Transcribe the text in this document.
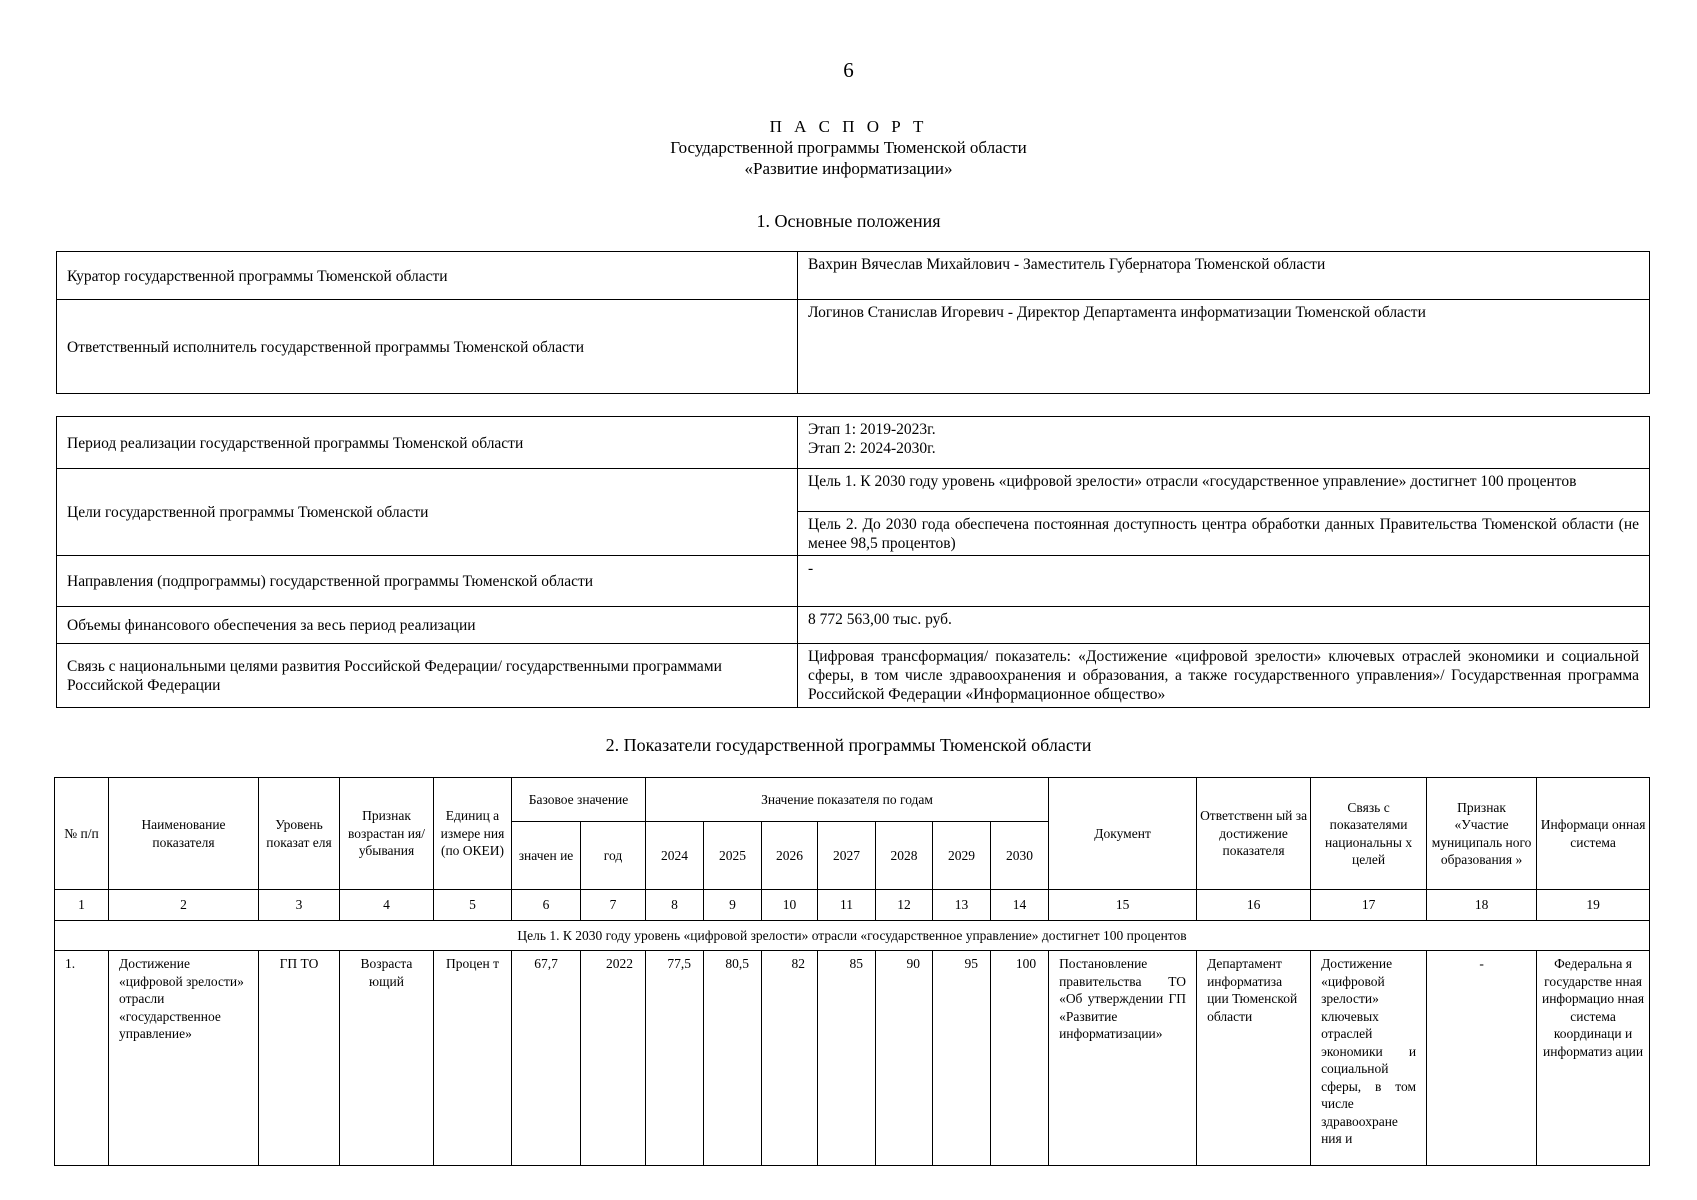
6
П А С П О Р Т
Государственной программы Тюменской области
«Развитие информатизации»
1. Основные положения
Куратор государственной программы Тюменской области	Вахрин Вячеслав Михайлович - Заместитель Губернатора Тюменской области
Ответственный исполнитель государственной программы Тюменской области	Логинов Станислав Игоревич - Директор Департамента информатизации Тюменской области
Период реализации государственной программы Тюменской области	Этап 1: 2019-2023г.
Этап 2: 2024-2030г.

Цели государственной программы Тюменской области	Цель 1. К 2030 году уровень «цифровой зрелости» отрасли «государственное управление» достигнет 100 процентов
	Цель 2. До 2030 года обеспечена постоянная доступность центра обработки данных Правительства Тюменской области (не менее 98,5 процентов)
Направления (подпрограммы) государственной программы Тюменской области	-
Объемы финансового обеспечения за весь период реализации	8 772 563,00 тыс. руб.
Связь с национальными целями развития Российской Федерации/ государственными программами Российской Федерации	Цифровая трансформация/ показатель: «Достижение «цифровой зрелости» ключевых отраслей экономики и социальной сферы, в том числе здравоохранения и образования, а также государственного управления»/ Государственная программа Российской Федерации «Информационное общество»
2. Показатели государственной программы Тюменской области
№ п/п	Наименование показателя	Уровень показат еля	Признак возрастан ия/ убывания	Единиц а измере ния (по ОКЕИ)	Базовое значение		Значение показателя по годам							Документ	Ответственн ый за достижение показателя	Связь с показателями национальны х целей	Признак «Участие муниципаль ного образования »	Информаци онная система
					значен ие	год	2024	2025	2026	2027	2028	2029	2030					
1	2	3	4	5	6	7	8	9	10	11	12	13	14	15	16	17	18	19
Цель 1. К 2030 году уровень «цифровой зрелости» отрасли «государственное управление» достигнет 100 процентов																		
1.	Достижение «цифровой зрелости» отрасли «государственное управление»	ГП ТО	Возраста ющий	Процен т	67,7	2022	77,5	80,5	82	85	90	95	100	Постановление правительства ТО «Об утверждении ГП «Развитие информатизации»	Департамент информатиза ции Тюменской области	Достижение «цифровой зрелости» ключевых отраслей экономики и социальной сферы, в том числе здравоохране ния и	-	Федеральна я государстве нная информацио нная система координаци и информатиз ации
